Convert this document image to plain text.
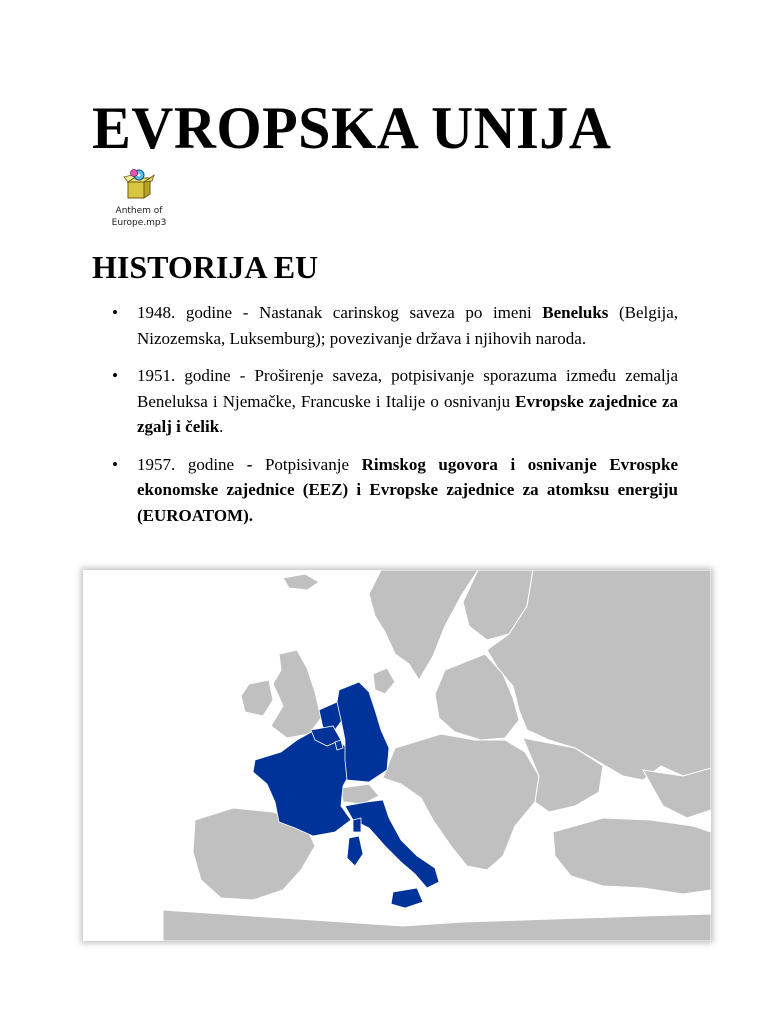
EVROPSKA UNIJA
Anthem of
Europe.mp3
HISTORIJA EU
• 1948. godine - Nastanak carinskog saveza po imeni Beneluks (Belgija, Nizozemska, Luksemburg); povezivanje država i njihovih naroda.
• 1951. godine - Proširenje saveza, potpisivanje sporazuma između zemalja Beneluksa i Njemačke, Francuske i Italije o osnivanju Evropske zajednice za zgalj i čelik.
• 1957. godine - Potpisivanje Rimskog ugovora i osnivanje Evrospke ekonomske zajednice (EEZ) i Evropske zajednice za atomksu energiju (EUROATOM).
